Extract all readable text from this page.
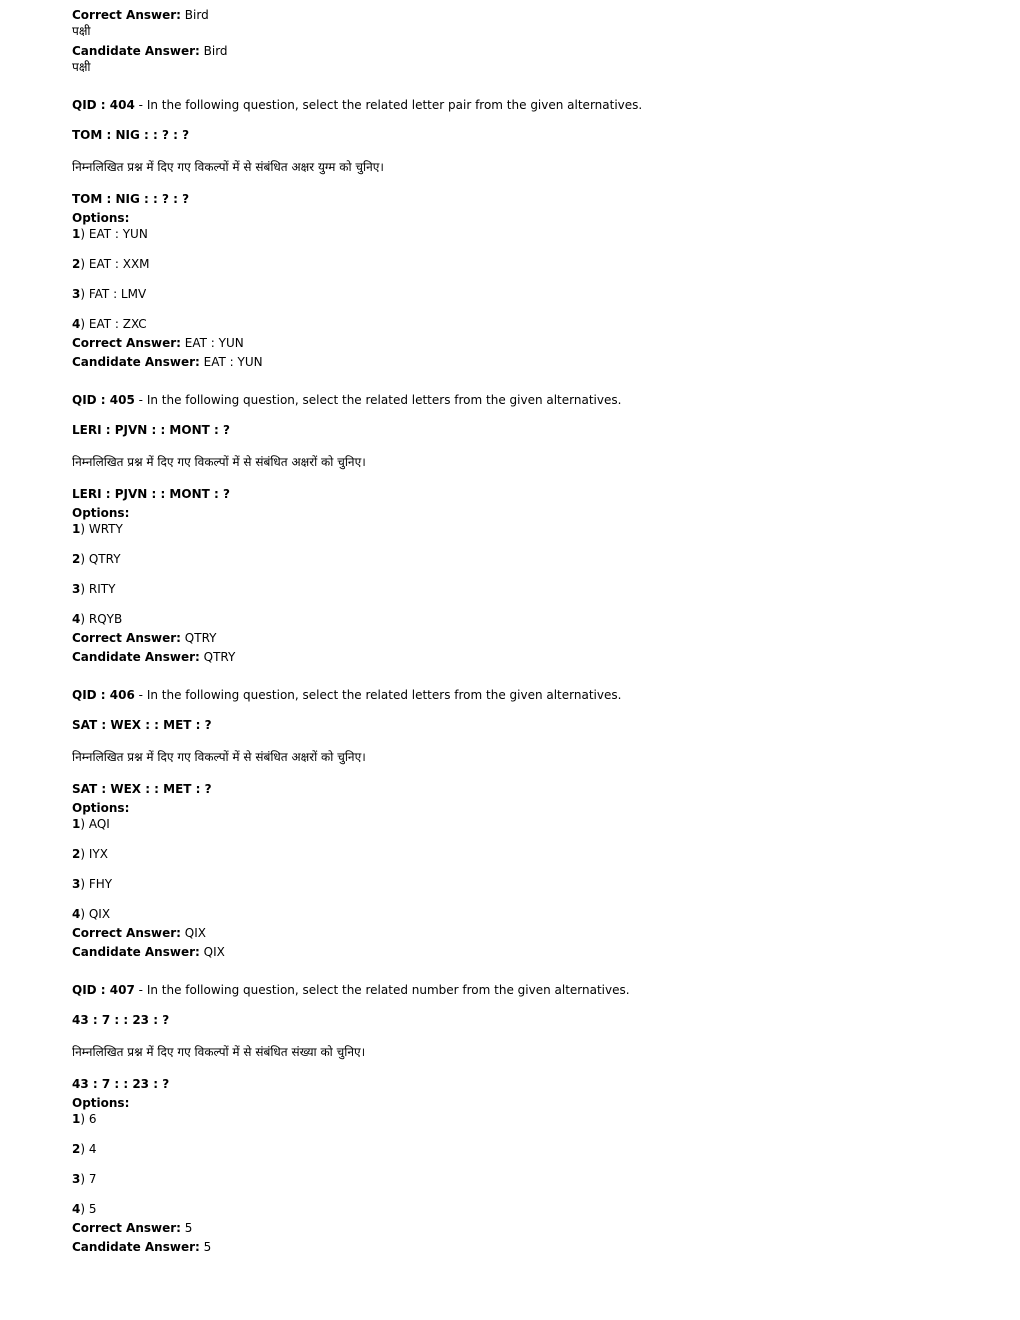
Correct Answer: Bird
पक्षी
Candidate Answer: Bird
पक्षी
QID : 404 - In the following question, select the related letter pair from the given alternatives.
TOM : NIG : : ? : ?
निम्नलिखित प्रश्न में दिए गए विकल्पों में से संबंधित अक्षर युग्म को चुनिए।
TOM : NIG : : ? : ?
Options:
1) EAT : YUN
2) EAT : XXM
3) FAT : LMV
4) EAT : ZXC
Correct Answer: EAT : YUN
Candidate Answer: EAT : YUN
QID : 405 - In the following question, select the related letters from the given alternatives.
LERI : PJVN : : MONT : ?
निम्नलिखित प्रश्न में दिए गए विकल्पों में से संबंधित अक्षरों को चुनिए।
LERI : PJVN : : MONT : ?
Options:
1) WRTY
2) QTRY
3) RITY
4) RQYB
Correct Answer: QTRY
Candidate Answer: QTRY
QID : 406 - In the following question, select the related letters from the given alternatives.
SAT : WEX : : MET : ?
निम्नलिखित प्रश्न में दिए गए विकल्पों में से संबंधित अक्षरों को चुनिए।
SAT : WEX : : MET : ?
Options:
1) AQI
2) IYX
3) FHY
4) QIX
Correct Answer: QIX
Candidate Answer: QIX
QID : 407 - In the following question, select the related number from the given alternatives.
43 : 7 : : 23 : ?
निम्नलिखित प्रश्न में दिए गए विकल्पों में से संबंधित संख्या को चुनिए।
43 : 7 : : 23 : ?
Options:
1) 6
2) 4
3) 7
4) 5
Correct Answer: 5
Candidate Answer: 5
